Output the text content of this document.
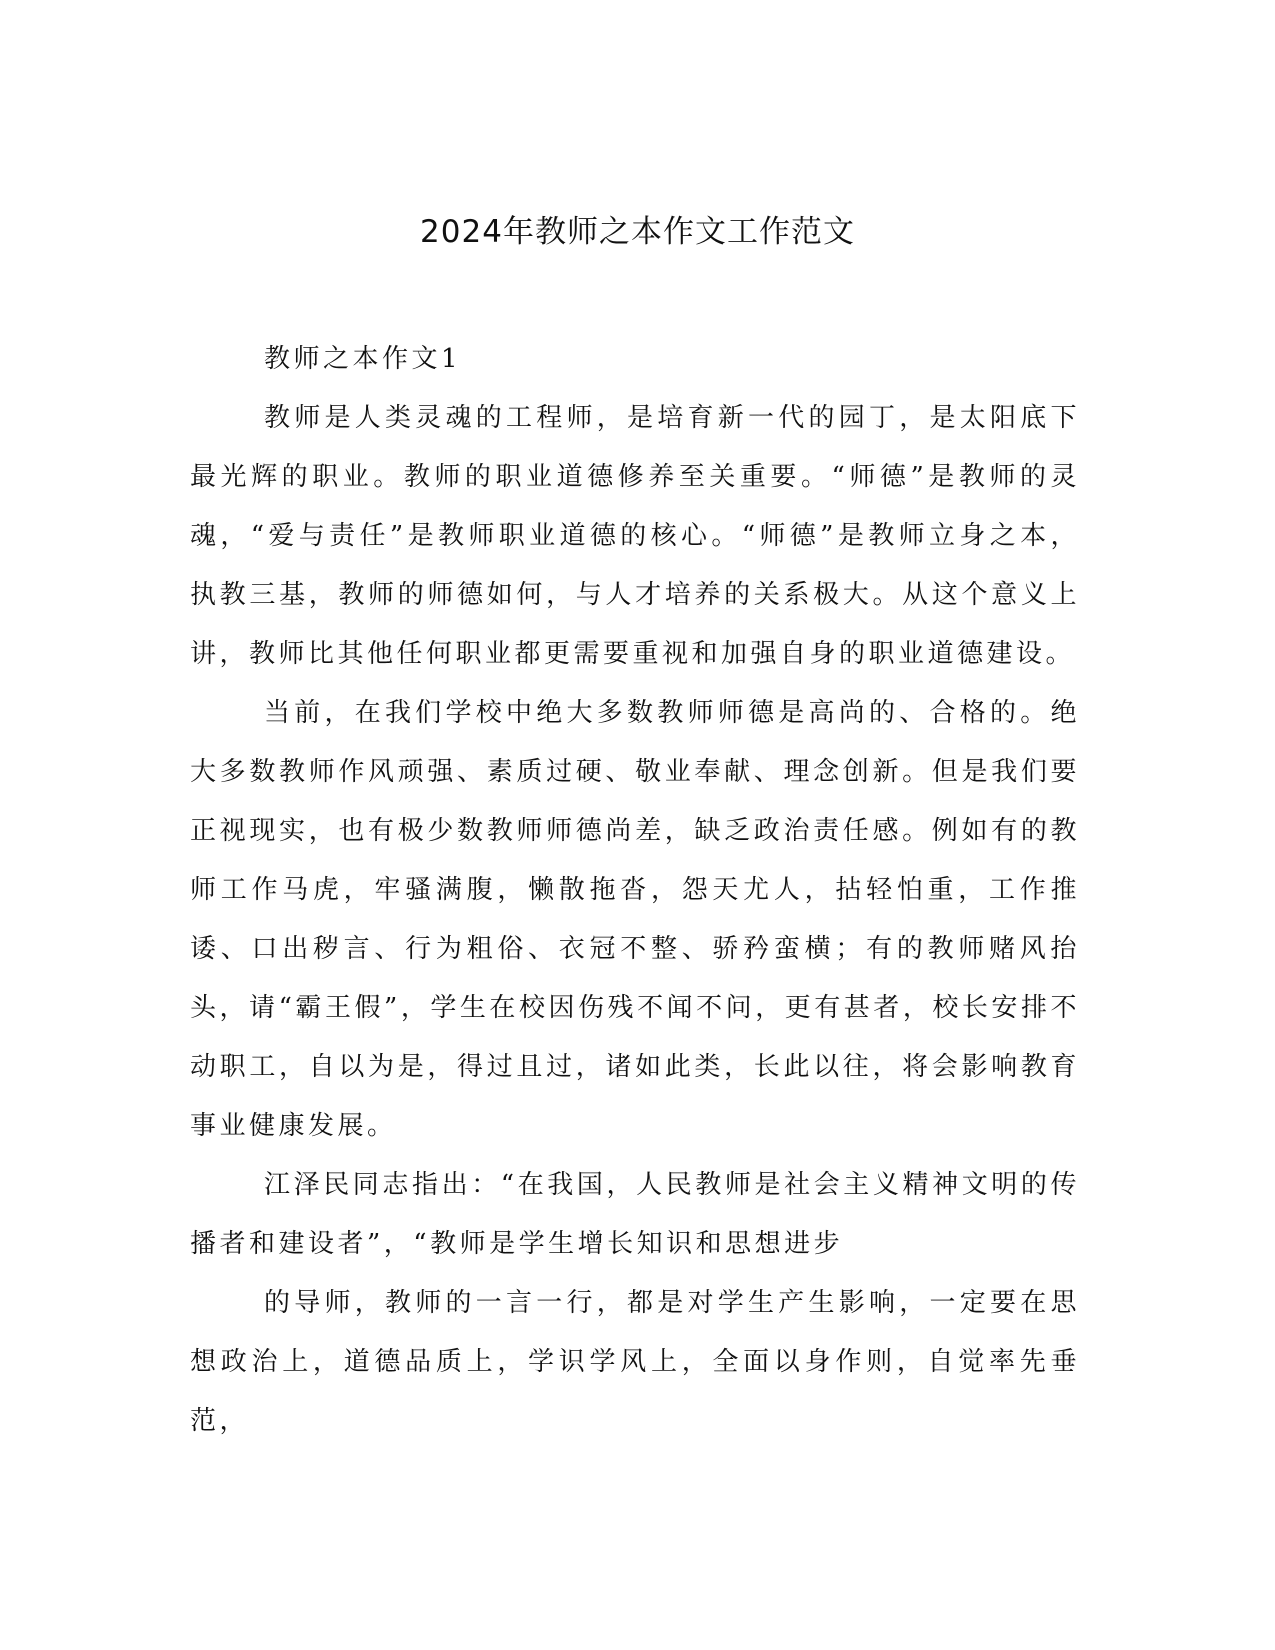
2024年教师之本作文工作范文

教师之本作文1

教师是人类灵魂的工程师，是培育新一代的园丁，是太阳底下最光辉的职业。教师的职业道德修养至关重要。“师德”是教师的灵魂，“爱与责任”是教师职业道德的核心。“师德”是教师立身之本，执教三基，教师的师德如何，与人才培养的关系极大。从这个意义上讲，教师比其他任何职业都更需要重视和加强自身的职业道德建设。

当前，在我们学校中绝大多数教师师德是高尚的、合格的。绝大多数教师作风顽强、素质过硬、敬业奉献、理念创新。但是我们要正视现实，也有极少数教师师德尚差，缺乏政治责任感。例如有的教师工作马虎，牢骚满腹，懒散拖沓，怨天尤人，拈轻怕重，工作推诿、口出秽言、行为粗俗、衣冠不整、骄矜蛮横；有的教师赌风抬头，请“霸王假”，学生在校因伤残不闻不问，更有甚者，校长安排不动职工，自以为是，得过且过，诸如此类，长此以往，将会影响教育事业健康发展。

江泽民同志指出：“在我国，人民教师是社会主义精神文明的传播者和建设者”，“教师是学生增长知识和思想进步

的导师，教师的一言一行，都是对学生产生影响，一定要在思想政治上，道德品质上，学识学风上，全面以身作则，自觉率先垂范，
